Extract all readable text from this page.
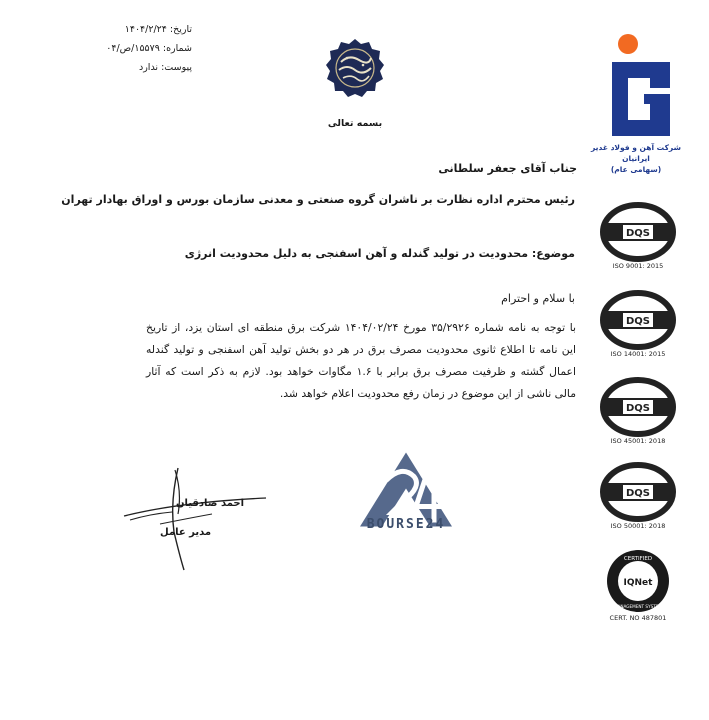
تاریخ: ۱۴۰۴/۲/۲۴
شماره: ۱۵۵۷۹/ص/۰۴
پیوست: ندارد
بسمه تعالی
شرکت آهن و فولاد غدیر ایرانیان
(سهامی عام)
DQS
ISO 9001: 2015
DQS
ISO 14001: 2015
DQS
ISO 45001: 2018
DQS
ISO 50001: 2018
CERTIFIED
IQNet
MANAGEMENT SYSTEM
CERT. NO 487801
جناب آقای جعفر سلطانی
رئیس محترم اداره نظارت بر ناشران گروه صنعتی و معدنی سازمان بورس و اوراق بهادار تهران
موضوع: محدودیت در تولید گندله و آهن اسفنجی به دلیل محدودیت انرژی
با سلام و احترام
با توجه به نامه شماره ۳۵/۲۹۲۶ مورخ ۱۴۰۴/۰۲/۲۴ شرکت برق منطقه ای استان یزد، از تاریخ این نامه تا اطلاع ثانوی محدودیت مصرف برق در هر دو بخش تولید آهن اسفنجی و تولید گندله اعمال گشته و ظرفیت مصرف برق برابر با ۱.۶ مگاوات خواهد بود. لازم به ذکر است که آثار مالی ناشی از این موضوع در زمان رفع محدودیت اعلام خواهد شد.
BOURSE24
احمد صادقیان
مدیر عامل
